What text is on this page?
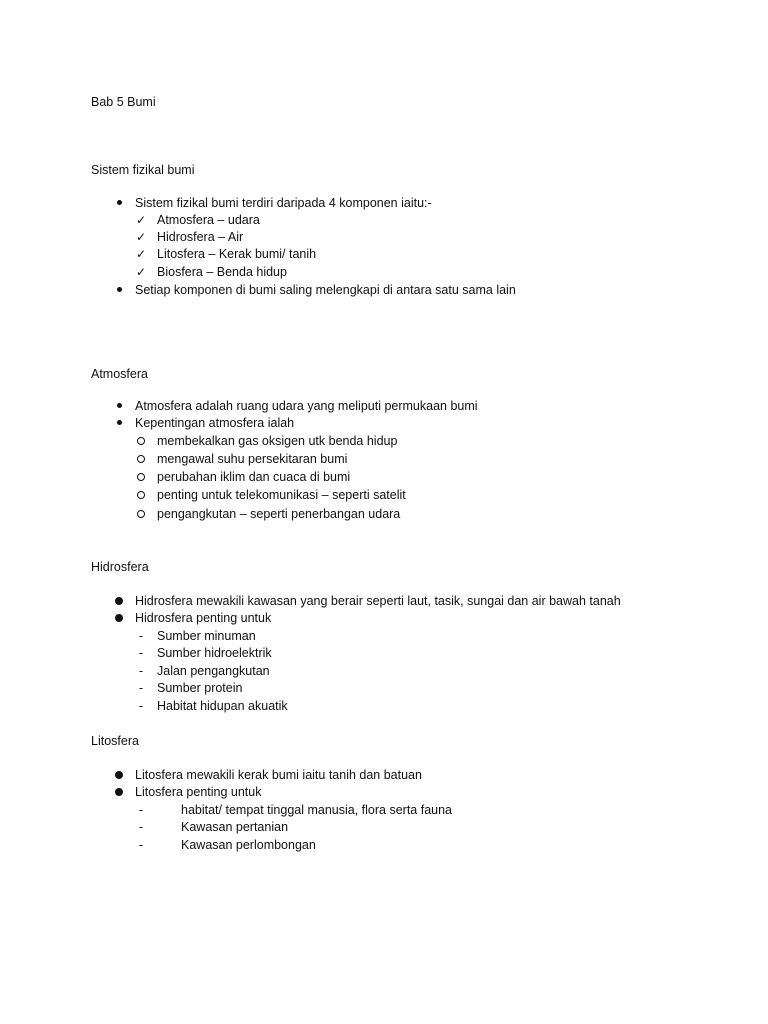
Bab 5 Bumi
Sistem fizikal bumi
Sistem fizikal bumi terdiri daripada 4 komponen iaitu:-
✓ Atmosfera – udara
✓ Hidrosfera – Air
✓ Litosfera – Kerak bumi/ tanih
✓ Biosfera – Benda hidup
Setiap komponen di bumi saling melengkapi di antara satu sama lain
Atmosfera
Atmosfera adalah ruang udara yang meliputi permukaan bumi
Kepentingan atmosfera ialah
membekalkan gas oksigen utk benda hidup
mengawal suhu persekitaran bumi
perubahan iklim dan cuaca di bumi
penting untuk telekomunikasi – seperti satelit
pengangkutan – seperti penerbangan udara
Hidrosfera
Hidrosfera mewakili kawasan yang berair seperti laut, tasik, sungai dan air bawah tanah
Hidrosfera penting untuk
-	Sumber minuman
-	Sumber hidroelektrik
-	Jalan pengangkutan
-	Sumber protein
-	Habitat hidupan akuatik
Litosfera
Litosfera mewakili kerak bumi iaitu tanih dan batuan
Litosfera penting untuk
-	habitat/ tempat tinggal manusia, flora serta fauna
-	Kawasan pertanian
-	Kawasan perlombongan
